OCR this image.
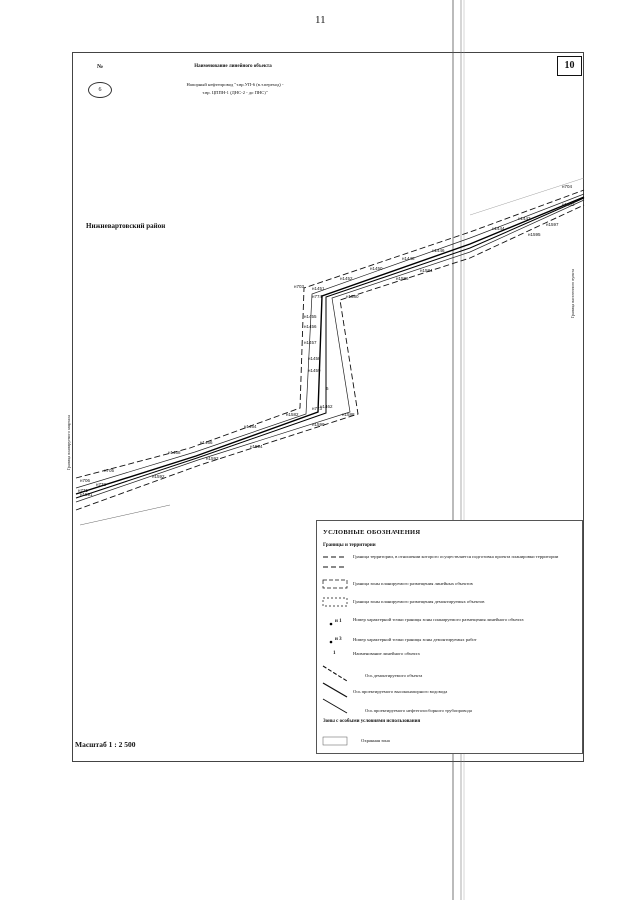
11
10
№
6
Наименование линейного объекта
Напорный нефтепровод "т.вр.УП-6 (в.т.переход) -
т.вр. ЦППН-1 (ДНС-2 - до ПНС)"
Нижневартовский район
Граница планируемого квартала
Граница населенного пункта
н1464
н1466
н1468
н705
н706
н1452
н1450
н1448
н1446
н1444
н1442
н703
н1432
н704
н1592
н1594
н1593
н1590
н1588
н1586
н1584
н1582
н1580
н1591
н1595
н1597
н772
н771
н774
н773
н1455
н1456
н1457
н1458
н1459
н1462
н1451
6
Масштаб 1 : 2 500
УСЛОВНЫЕ ОБОЗНАЧЕНИЯ
Границы и территории
Граница территории, в отношении которого осуществляется подготовка проекта планировки территории
Граница зоны планируемого размещения линейных объектов
Граница зоны планируемого размещения демонтируемых объектов
н 1 Номер характерной точки границы зоны планируемого размещения линейного объекта
н 3 Номер характерной точки границы зоны демонтируемых работ
1	Наименование линейного объекта
Ось демонтируемого объекта
Ось проектируемого высоконапорного водовода
Ось проектируемого нефтегазосборного трубопровода
Зоны с особыми условиями использования
Охранная зона
